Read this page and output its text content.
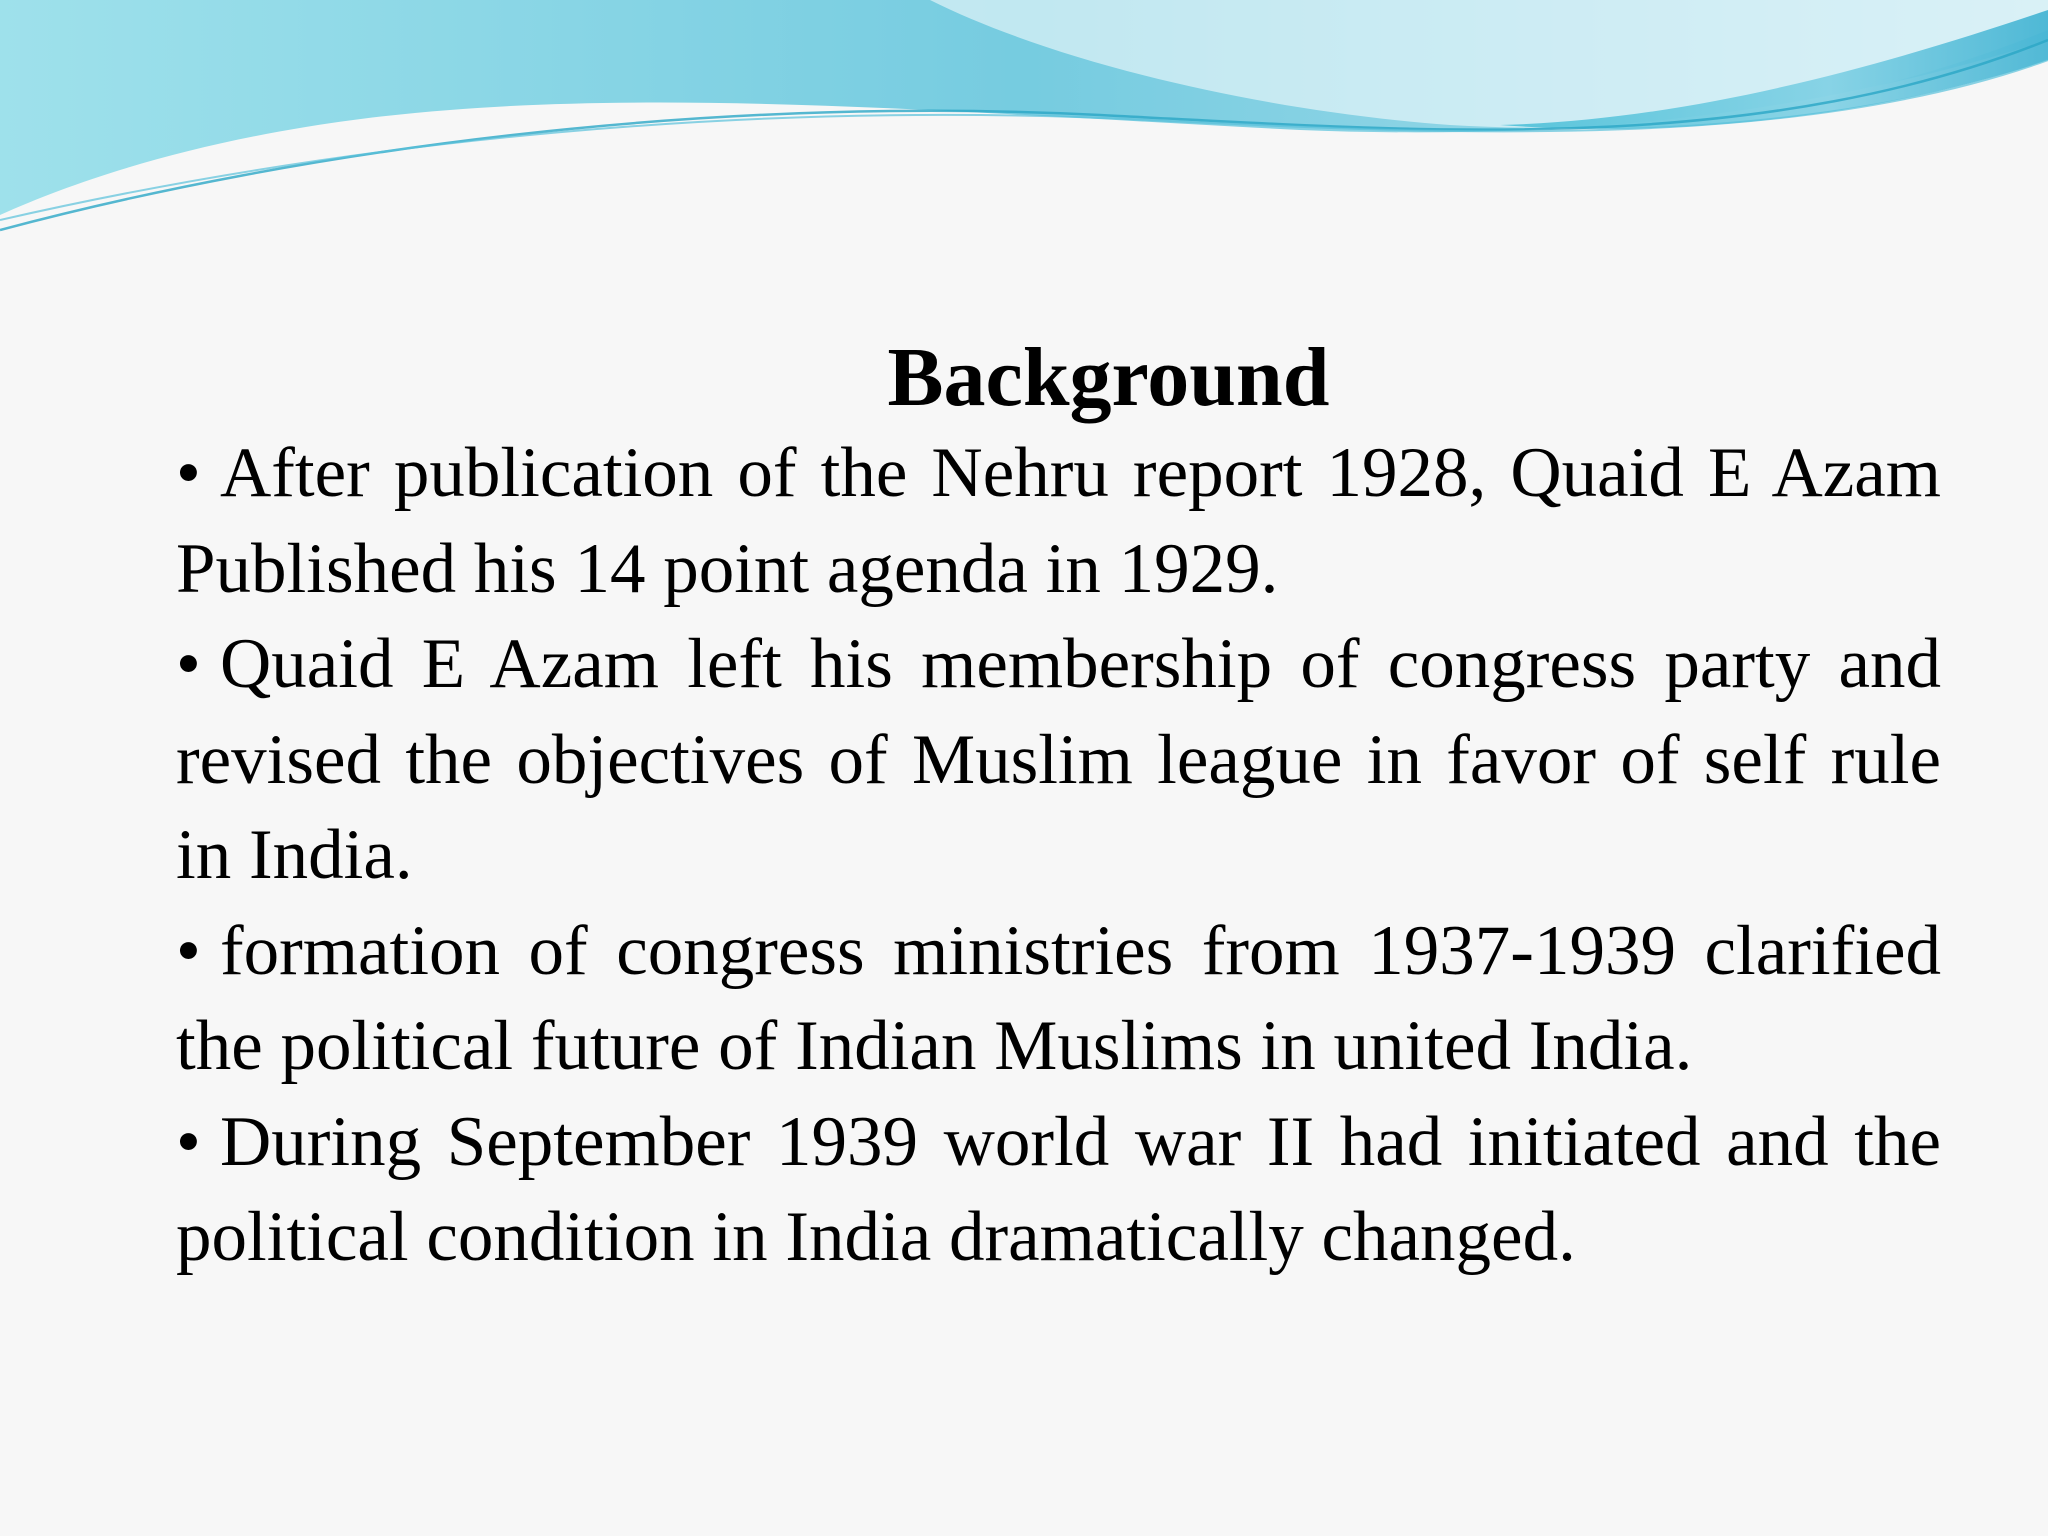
Background
• After publication of the Nehru report 1928, Quaid E Azam Published his 14 point agenda in 1929.
• Quaid E Azam left his membership of congress party and revised the objectives of Muslim league in favor of self rule in India.
• formation of congress ministries from 1937-1939 clarified the political future of Indian Muslims in united India.
• During September 1939 world war II had initiated and the political condition in India dramatically changed.
